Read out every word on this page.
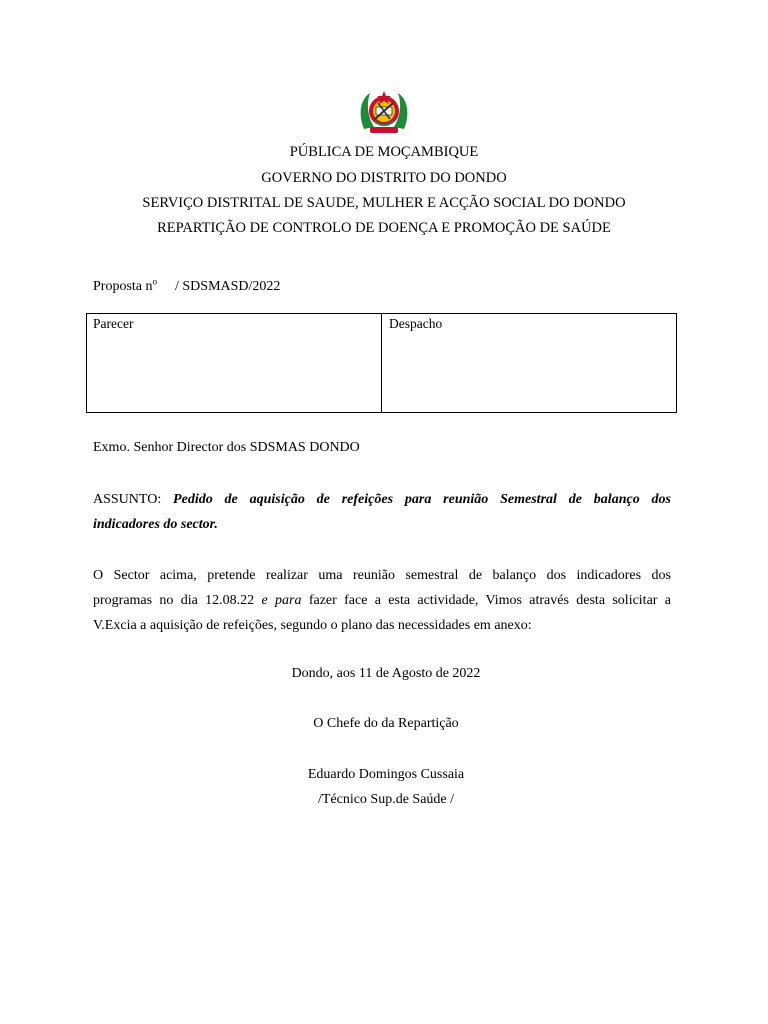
PÚBLICA DE MOÇAMBIQUE
GOVERNO DO DISTRITO DO DONDO
SERVIÇO DISTRITAL DE SAUDE, MULHER E ACÇÃO SOCIAL DO DONDO
REPARTIÇÃO DE CONTROLO DE DOENÇA E PROMOÇÃO DE SAÚDE
Proposta $n^o$ / SDSMASD/2022
Parecer	Despacho
Exmo. Senhor Director dos SDSMAS DONDO
ASSUNTO: Pedido de aquisição de refeições para reunião Semestral de balanço dos
indicadores do sector.
O Sector acima, pretende realizar uma reunião semestral de balanço dos indicadores dos
programas no dia 12.08.22 e para fazer face a esta actividade, Vimos através desta solicitar a
V.Excia a aquisição de refeições, segundo o plano das necessidades em anexo:
Dondo, aos 11 de Agosto de 2022
O Chefe do da Repartição
Eduardo Domingos Cussaia
/Técnico Sup.de Saúde /
